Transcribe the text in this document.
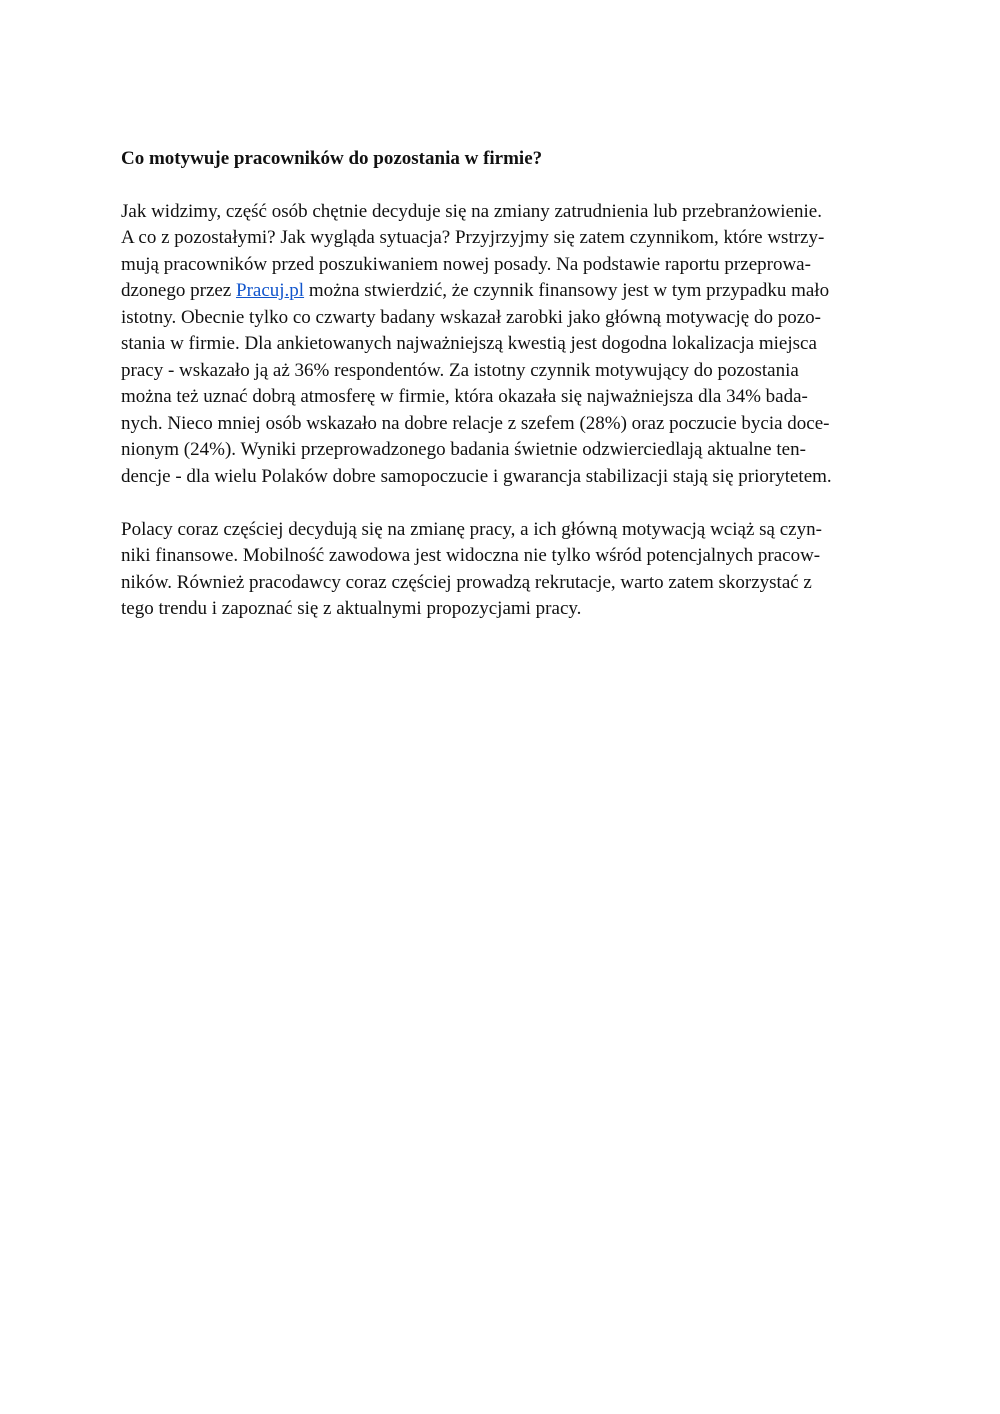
Co motywuje pracowników do pozostania w firmie?
Jak widzimy, część osób chętnie decyduje się na zmiany zatrudnienia lub przebranżowienie.
A co z pozostałymi? Jak wygląda sytuacja? Przyjrzyjmy się zatem czynnikom, które wstrzy-
mują pracowników przed poszukiwaniem nowej posady. Na podstawie raportu przeprowa-
dzonego przez Pracuj.pl można stwierdzić, że czynnik finansowy jest w tym przypadku mało
istotny. Obecnie tylko co czwarty badany wskazał zarobki jako główną motywację do pozo-
stania w firmie. Dla ankietowanych najważniejszą kwestią jest dogodna lokalizacja miejsca
pracy - wskazało ją aż 36% respondentów. Za istotny czynnik motywujący do pozostania
można też uznać dobrą atmosferę w firmie, która okazała się najważniejsza dla 34% bada-
nych. Nieco mniej osób wskazało na dobre relacje z szefem (28%) oraz poczucie bycia doce-
nionym (24%). Wyniki przeprowadzonego badania świetnie odzwierciedlają aktualne ten-
dencje - dla wielu Polaków dobre samopoczucie i gwarancja stabilizacji stają się priorytetem.
Polacy coraz częściej decydują się na zmianę pracy, a ich główną motywacją wciąż są czyn-
niki finansowe. Mobilność zawodowa jest widoczna nie tylko wśród potencjalnych pracow-
ników. Również pracodawcy coraz częściej prowadzą rekrutacje, warto zatem skorzystać z
tego trendu i zapoznać się z aktualnymi propozycjami pracy.
